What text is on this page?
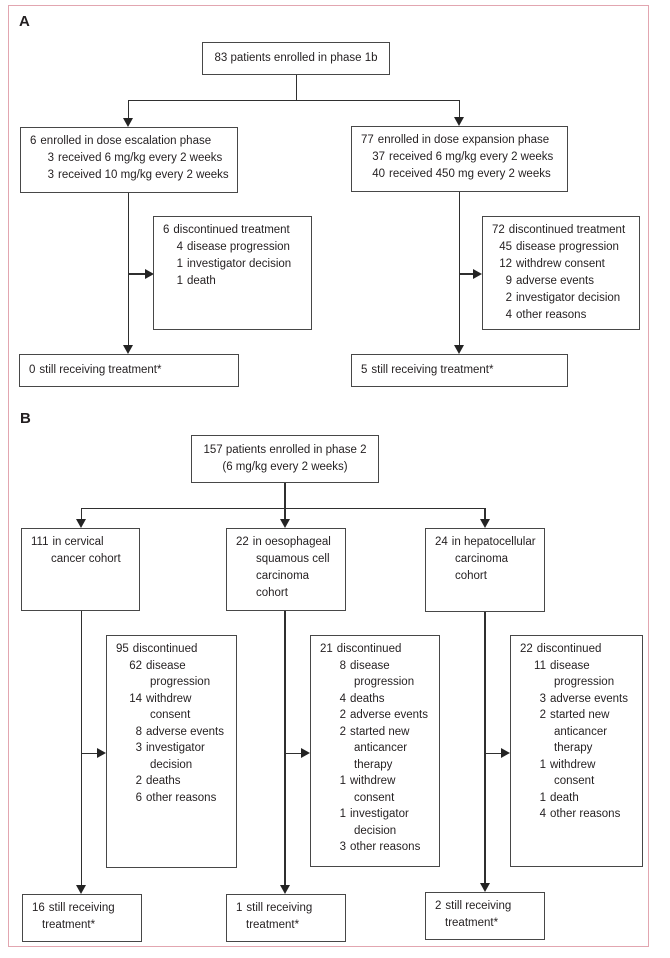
A
83 patients enrolled in phase 1b
6 enrolled in dose escalation phase
3 received 6 mg/kg every 2 weeks
3 received 10 mg/kg every 2 weeks
77 enrolled in dose expansion phase
37 received 6 mg/kg every 2 weeks
40 received 450 mg every 2 weeks
6 discontinued treatment
4 disease progression
1 investigator decision
1 death
72 discontinued treatment
45 disease progression
12 withdrew consent
9 adverse events
2 investigator decision
4 other reasons
0 still receiving treatment*	5 still receiving treatment*
B
157 patients enrolled in phase 2
(6 mg/kg every 2 weeks)
111 in cervical
cancer cohort
22 in oesophageal
squamous cell
carcinoma
cohort
24 in hepatocellular
carcinoma
cohort
95 discontinued
62 disease
progression
14 withdrew
consent
8 adverse events
3 investigator
decision
2 deaths
6 other reasons
21 discontinued
8 disease
progression
4 deaths
2 adverse events
2 started new
anticancer
therapy
1 withdrew
consent
1 investigator
decision
3 other reasons
22 discontinued
11 disease
progression
3 adverse events
2 started new
anticancer
therapy
1 withdrew
consent
1 death
4 other reasons
16 still receiving
treatment*
1 still receiving
treatment*
2 still receiving
treatment*
